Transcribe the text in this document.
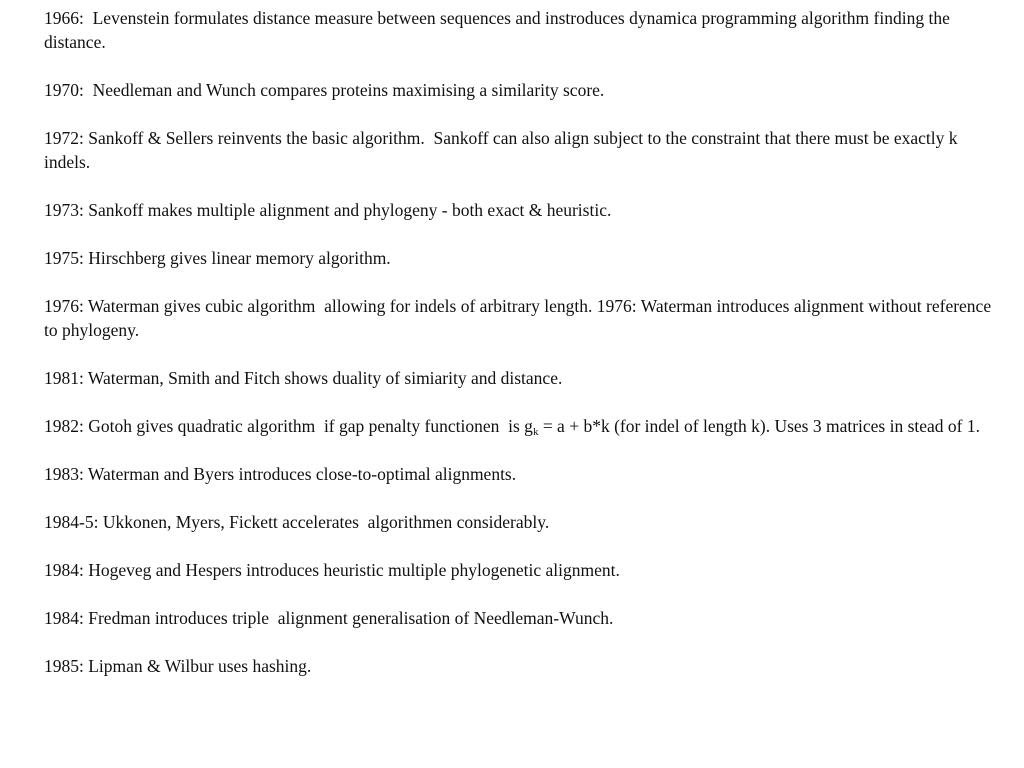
1966:  Levenstein formulates distance measure between sequences and instroduces dynamica programming algorithm finding the distance.

1970:  Needleman and Wunch compares proteins maximising a similarity score.

1972: Sankoff & Sellers reinvents the basic algorithm.  Sankoff can also align subject to the constraint that there must be exactly k indels.

1973: Sankoff makes multiple alignment and phylogeny - both exact & heuristic.

1975: Hirschberg gives linear memory algorithm.

1976: Waterman gives cubic algorithm  allowing for indels of arbitrary length. 1976: Waterman introduces alignment without reference to phylogeny.

1981: Waterman, Smith and Fitch shows duality of simiarity and distance.

1982: Gotoh gives quadratic algorithm  if gap penalty functionen  is $g_k = a + b*k$ (for indel of length k). Uses 3 matrices in stead of 1.

1983: Waterman and Byers introduces close-to-optimal alignments.

1984-5: Ukkonen, Myers, Fickett accelerates  algorithmen considerably.

1984: Hogeveg and Hespers introduces heuristic multiple phylogenetic alignment.

1984: Fredman introduces triple  alignment generalisation of Needleman-Wunch.

1985: Lipman & Wilbur uses hashing.
